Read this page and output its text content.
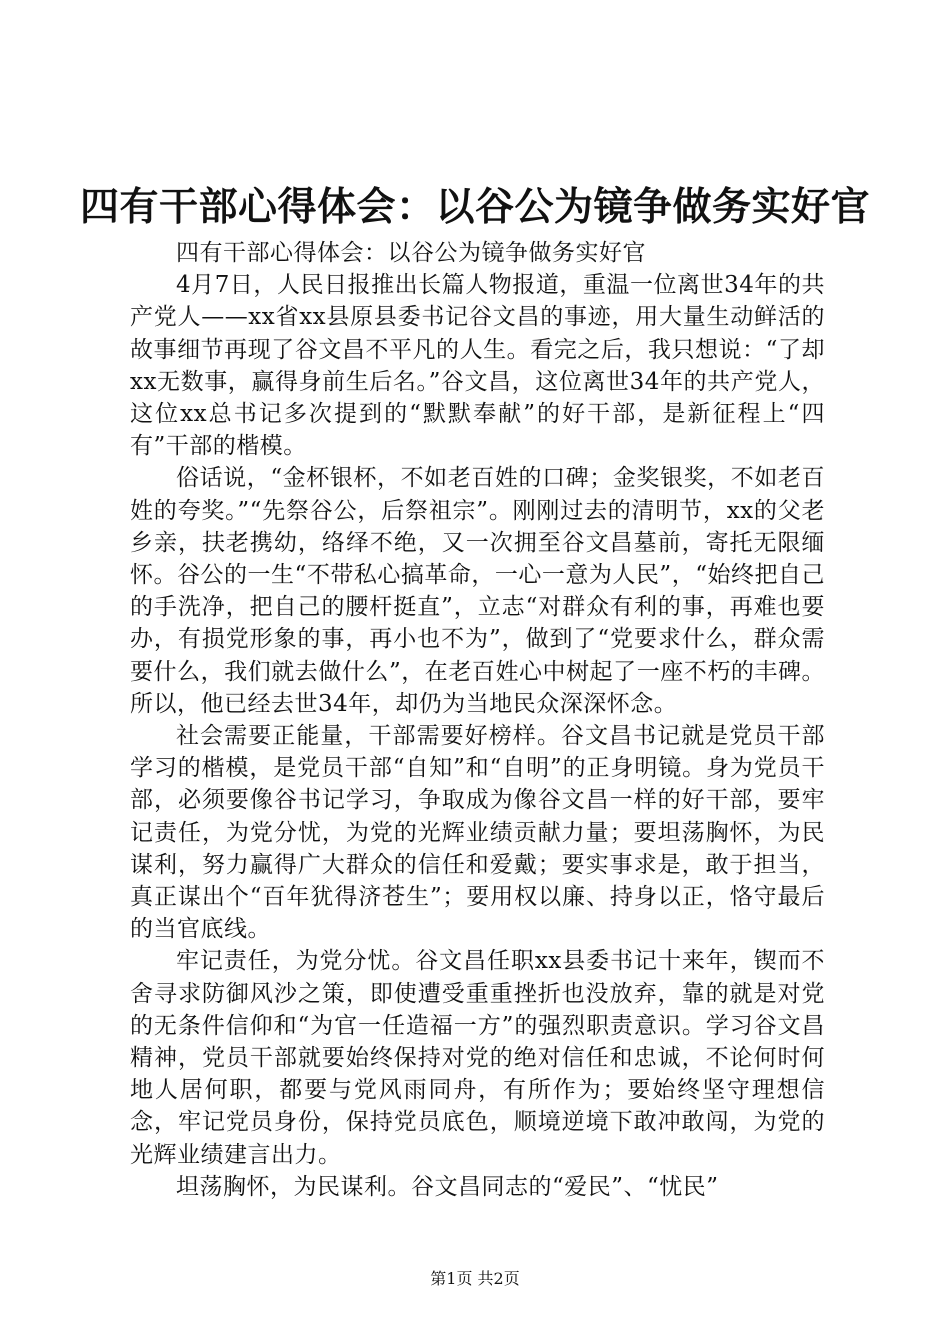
四有干部心得体会：以谷公为镜争做务实好官

四有干部心得体会：以谷公为镜争做务实好官

4月7日，人民日报推出长篇人物报道，重温一位离世34年的共产党人——xx省xx县原县委书记谷文昌的事迹，用大量生动鲜活的故事细节再现了谷文昌不平凡的人生。看完之后，我只想说：“了却xx无数事，赢得身前生后名。”谷文昌，这位离世34年的共产党人，这位xx总书记多次提到的“默默奉献”的好干部，是新征程上“四有”干部的楷模。

俗话说，“金杯银杯，不如老百姓的口碑；金奖银奖，不如老百姓的夸奖。”“先祭谷公，后祭祖宗”。刚刚过去的清明节，xx的父老乡亲，扶老携幼，络绎不绝，又一次拥至谷文昌墓前，寄托无限缅怀。谷公的一生“不带私心搞革命，一心一意为人民”，“始终把自己的手洗净，把自己的腰杆挺直”，立志“对群众有利的事，再难也要办，有损党形象的事，再小也不为”，做到了“党要求什么，群众需要什么，我们就去做什么”，在老百姓心中树起了一座不朽的丰碑。所以，他已经去世34年，却仍为当地民众深深怀念。

社会需要正能量，干部需要好榜样。谷文昌书记就是党员干部学习的楷模，是党员干部“自知”和“自明”的正身明镜。身为党员干部，必须要像谷书记学习，争取成为像谷文昌一样的好干部，要牢记责任，为党分忧，为党的光辉业绩贡献力量；要坦荡胸怀，为民谋利，努力赢得广大群众的信任和爱戴；要实事求是，敢于担当，真正谋出个“百年犹得济苍生”；要用权以廉、持身以正，恪守最后的当官底线。

牢记责任，为党分忧。谷文昌任职xx县委书记十来年，锲而不舍寻求防御风沙之策，即使遭受重重挫折也没放弃，靠的就是对党的无条件信仰和“为官一任造福一方”的强烈职责意识。学习谷文昌精神，党员干部就要始终保持对党的绝对信任和忠诚，不论何时何地人居何职，都要与党风雨同舟，有所作为；要始终坚守理想信念，牢记党员身份，保持党员底色，顺境逆境下敢冲敢闯，为党的光辉业绩建言出力。

坦荡胸怀，为民谋利。谷文昌同志的“爱民”、“忧民”

第1页 共2页
